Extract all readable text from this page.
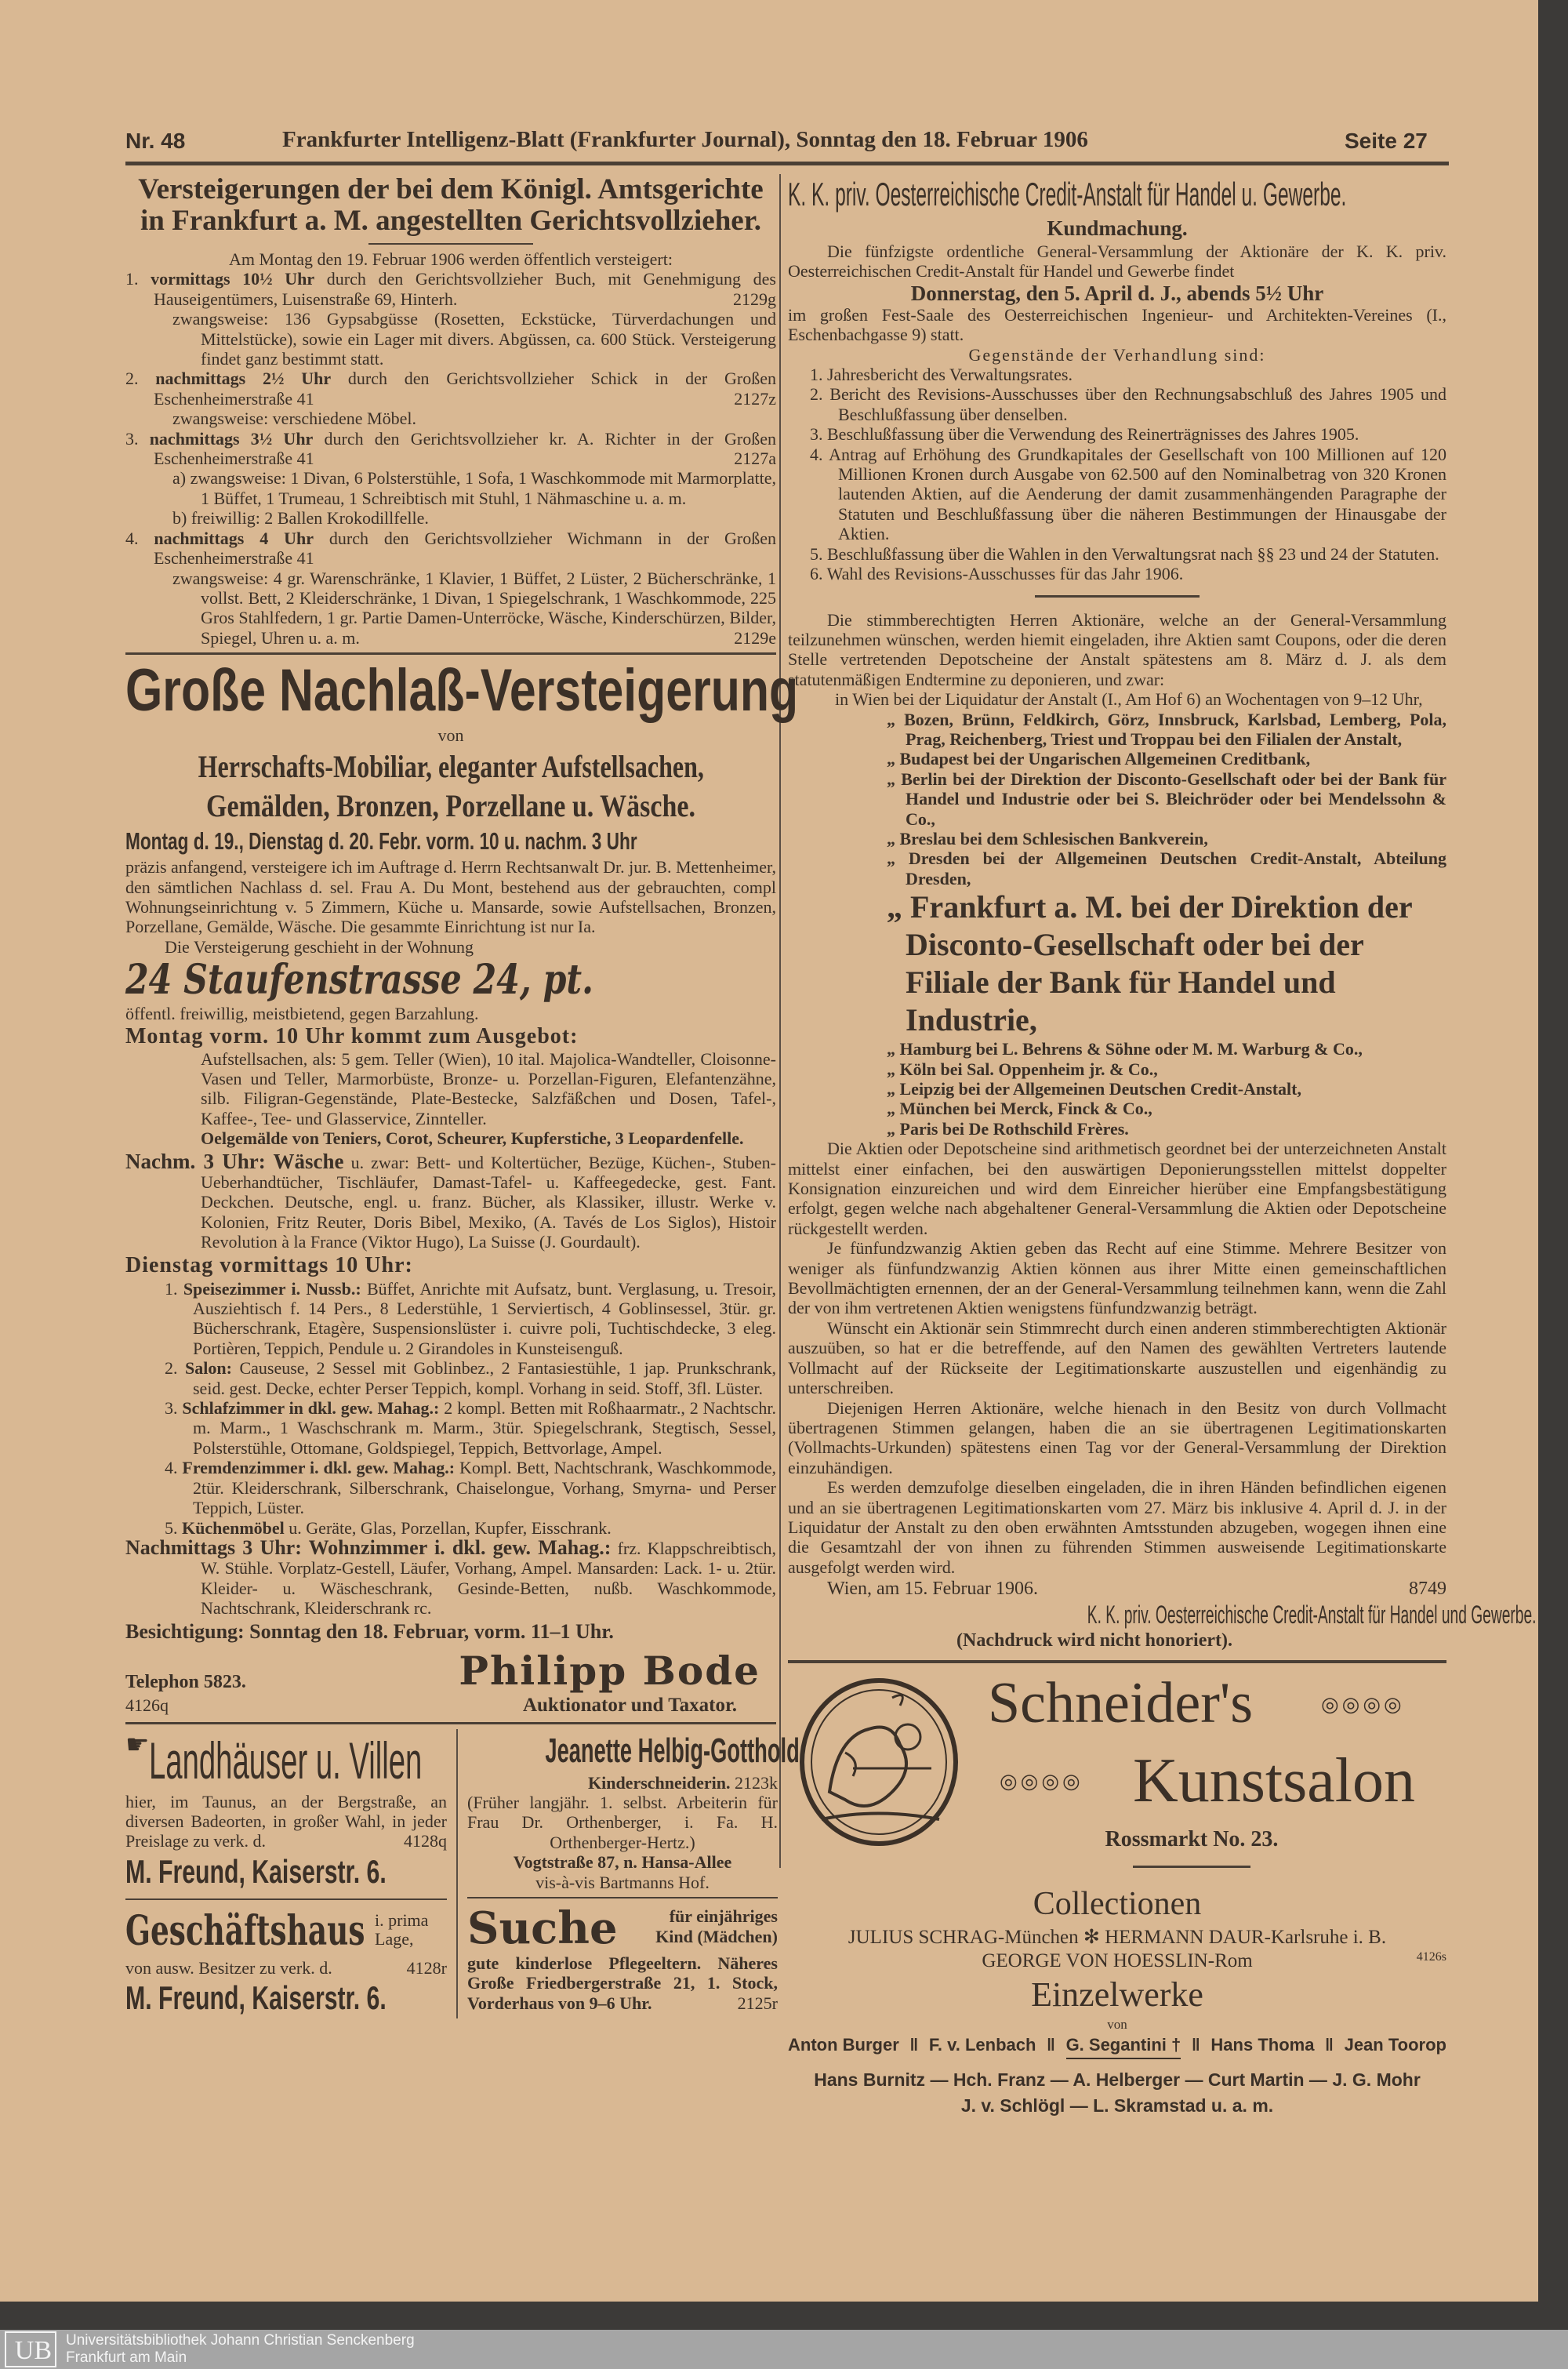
Nr. 48	Frankfurter Intelligenz-Blatt (Frankfurter Journal), Sonntag den 18. Februar 1906	Seite 27
Versteigerungen der bei dem Königl. Amtsgerichte
in Frankfurt a. M. angestellten Gerichtsvollzieher.
Am Montag den 19. Februar 1906 werden öffentlich versteigert:
1. vormittags 10½ Uhr durch den Gerichtsvollzieher Buch, mit Genehmigung des Hauseigentümers, Luisenstraße 69, Hinterh.	2129g
zwangsweise: 136 Gypsabgüsse (Rosetten, Eckstücke, Türverdachungen und Mittelstücke), sowie ein Lager mit divers. Abgüssen, ca. 600 Stück. Versteigerung findet ganz bestimmt statt.
2. nachmittags 2½ Uhr durch den Gerichtsvollzieher Schick in der Großen Eschenheimerstraße 41	2127z
zwangsweise: verschiedene Möbel.
3. nachmittags 3½ Uhr durch den Gerichtsvollzieher kr. A. Richter in der Großen Eschenheimerstraße 41	2127a
a) zwangsweise: 1 Divan, 6 Polsterstühle, 1 Sofa, 1 Waschkommode mit Marmorplatte, 1 Büffet, 1 Trumeau, 1 Schreibtisch mit Stuhl, 1 Nähmaschine u. a. m.
b) freiwillig: 2 Ballen Krokodillfelle.
4. nachmittags 4 Uhr durch den Gerichtsvollzieher Wichmann in der Großen Eschenheimerstraße 41
zwangsweise: 4 gr. Warenschränke, 1 Klavier, 1 Büffet, 2 Lüster, 2 Bücherschränke, 1 vollst. Bett, 2 Kleiderschränke, 1 Divan, 1 Spiegelschrank, 1 Waschkommode, 225 Gros Stahlfedern, 1 gr. Partie Damen-Unterröcke, Wäsche, Kinderschürzen, Bilder, Spiegel, Uhren u. a. m.	2129e
Große Nachlaß-Versteigerung
von
Herrschafts-Mobiliar, eleganter Aufstellsachen,
Gemälden, Bronzen, Porzellane u. Wäsche.
Montag d. 19., Dienstag d. 20. Febr. vorm. 10 u. nachm. 3 Uhr
präzis anfangend, versteigere ich im Auftrage d. Herrn Rechtsanwalt Dr. jur. B. Mettenheimer, den sämtlichen Nachlass d. sel. Frau A. Du Mont, bestehend aus der gebrauchten, compl Wohnungseinrichtung v. 5 Zimmern, Küche u. Mansarde, sowie Aufstellsachen, Bronzen, Porzellane, Gemälde, Wäsche. Die gesammte Einrichtung ist nur Ia.
Die Versteigerung geschieht in der Wohnung
24 Staufenstrasse 24, pt.
öffentl. freiwillig, meistbietend, gegen Barzahlung.
Montag vorm. 10 Uhr kommt zum Ausgebot:
Aufstellsachen, als: 5 gem. Teller (Wien), 10 ital. Majolica-Wandteller, Cloisonne-Vasen und Teller, Marmorbüste, Bronze- u. Porzellan-Figuren, Elefantenzähne, silb. Filigran-Gegenstände, Plate-Bestecke, Salzfäßchen und Dosen, Tafel-, Kaffee-, Tee- und Glasservice, Zinnteller.
Oelgemälde von Teniers, Corot, Scheurer, Kupferstiche, 3 Leopardenfelle.
Nachm. 3 Uhr: Wäsche u. zwar: Bett- und Koltertücher, Bezüge, Küchen-, Stuben-Ueberhandtücher, Tischläufer, Damast-Tafel- u. Kaffeegedecke, gest. Fant. Deckchen. Deutsche, engl. u. franz. Bücher, als Klassiker, illustr. Werke v. Kolonien, Fritz Reuter, Doris Bibel, Mexiko, (A. Tavés de Los Siglos), Histoir Revolution à la France (Viktor Hugo), La Suisse (J. Gourdault).
Dienstag vormittags 10 Uhr:
1. Speisezimmer i. Nussb.: Büffet, Anrichte mit Aufsatz, bunt. Verglasung, u. Tresoir, Ausziehtisch f. 14 Pers., 8 Lederstühle, 1 Serviertisch, 4 Goblinsessel, 3tür. gr. Bücherschrank, Etagère, Suspensionslüster i. cuivre poli, Tuchtischdecke, 3 eleg. Portièren, Teppich, Pendule u. 2 Girandoles in Kunsteisenguß.
2. Salon: Causeuse, 2 Sessel mit Goblinbez., 2 Fantasiestühle, 1 jap. Prunkschrank, seid. gest. Decke, echter Perser Teppich, kompl. Vorhang in seid. Stoff, 3fl. Lüster.
3. Schlafzimmer in dkl. gew. Mahag.: 2 kompl. Betten mit Roßhaarmatr., 2 Nachtschr. m. Marm., 1 Waschschrank m. Marm., 3tür. Spiegelschrank, Stegtisch, Sessel, Polsterstühle, Ottomane, Goldspiegel, Teppich, Bettvorlage, Ampel.
4. Fremdenzimmer i. dkl. gew. Mahag.: Kompl. Bett, Nachtschrank, Waschkommode, 2tür. Kleiderschrank, Silberschrank, Chaiselongue, Vorhang, Smyrna- und Perser Teppich, Lüster.
5. Küchenmöbel u. Geräte, Glas, Porzellan, Kupfer, Eisschrank.
Nachmittags 3 Uhr: Wohnzimmer i. dkl. gew. Mahag.: frz. Klappschreibtisch, W. Stühle. Vorplatz-Gestell, Läufer, Vorhang, Ampel. Mansarden: Lack. 1- u. 2tür. Kleider- u. Wäscheschrank, Gesinde-Betten, nußb. Waschkommode, Nachtschrank, Kleiderschrank rc.
Besichtigung: Sonntag den 18. Februar, vorm. 11–1 Uhr.
Telephon 5823.	Philipp Bode
4126q	Auktionator und Taxator.
☛Landhäuser u. Villen
hier, im Taunus, an der Bergstraße, an diversen Badeorten, in großer Wahl, in jeder Preislage zu verk. d.	4128q
M. Freund, Kaiserstr. 6.
Geschäftshaus i. prima Lage,
von ausw. Besitzer zu verk. d.	4128r
M. Freund, Kaiserstr. 6.
Jeanette Helbig-Gotthold
Kinderschneiderin. 2123k
(Früher langjähr. 1. selbst. Arbeiterin für Frau Dr. Orthenberger, i. Fa. H. Orthenberger-Hertz.)
Vogtstraße 87, n. Hansa-Allee
vis-à-vis Bartmanns Hof.
Suche	für einjähriges Kind (Mädchen)
gute kinderlose Pflegeeltern. Näheres Große Friedbergerstraße 21, 1. Stock, Vorderhaus von 9–6 Uhr.	2125r
K. K. priv. Oesterreichische Credit-Anstalt für Handel u. Gewerbe.
Kundmachung.
Die fünfzigste ordentliche General-Versammlung der Aktionäre der K. K. priv. Oesterreichischen Credit-Anstalt für Handel und Gewerbe findet
Donnerstag, den 5. April d. J., abends 5½ Uhr
im großen Fest-Saale des Oesterreichischen Ingenieur- und Architekten-Vereines (I., Eschenbachgasse 9) statt.
Gegenstände der Verhandlung sind:
1. Jahresbericht des Verwaltungsrates.
2. Bericht des Revisions-Ausschusses über den Rechnungsabschluß des Jahres 1905 und Beschlußfassung über denselben.
3. Beschlußfassung über die Verwendung des Reinerträgnisses des Jahres 1905.
4. Antrag auf Erhöhung des Grundkapitales der Gesellschaft von 100 Millionen auf 120 Millionen Kronen durch Ausgabe von 62.500 auf den Nominalbetrag von 320 Kronen lautenden Aktien, auf die Aenderung der damit zusammenhängenden Paragraphe der Statuten und Beschlußfassung über die näheren Bestimmungen der Hinausgabe der Aktien.
5. Beschlußfassung über die Wahlen in den Verwaltungsrat nach §§ 23 und 24 der Statuten.
6. Wahl des Revisions-Ausschusses für das Jahr 1906.
Die stimmberechtigten Herren Aktionäre, welche an der General-Versammlung teilzunehmen wünschen, werden hiemit eingeladen, ihre Aktien samt Coupons, oder die deren Stelle vertretenden Depotscheine der Anstalt spätestens am 8. März d. J. als dem statutenmäßigen Endtermine zu deponieren, und zwar:
in Wien bei der Liquidatur der Anstalt (I., Am Hof 6) an Wochentagen von 9–12 Uhr,
„ Bozen, Brünn, Feldkirch, Görz, Innsbruck, Karlsbad, Lemberg, Pola, Prag, Reichenberg, Triest und Troppau bei den Filialen der Anstalt,
„ Budapest bei der Ungarischen Allgemeinen Creditbank,
„ Berlin bei der Direktion der Disconto-Gesellschaft oder bei der Bank für Handel und Industrie oder bei S. Bleichröder oder bei Mendelssohn & Co.,
„ Breslau bei dem Schlesischen Bankverein,
„ Dresden bei der Allgemeinen Deutschen Credit-Anstalt, Abteilung Dresden,
„ Frankfurt a. M. bei der Direktion der Disconto-Gesellschaft oder bei der Filiale der Bank für Handel und Industrie,
„ Hamburg bei L. Behrens & Söhne oder M. M. Warburg & Co.,
„ Köln bei Sal. Oppenheim jr. & Co.,
„ Leipzig bei der Allgemeinen Deutschen Credit-Anstalt,
„ München bei Merck, Finck & Co.,
„ Paris bei De Rothschild Frères.
Die Aktien oder Depotscheine sind arithmetisch geordnet bei der unterzeichneten Anstalt mittelst einer einfachen, bei den auswärtigen Deponierungsstellen mittelst doppelter Konsignation einzureichen und wird dem Einreicher hierüber eine Empfangsbestätigung erfolgt, gegen welche nach abgehaltener General-Versammlung die Aktien oder Depotscheine rückgestellt werden.
Je fünfundzwanzig Aktien geben das Recht auf eine Stimme. Mehrere Besitzer von weniger als fünfundzwanzig Aktien können aus ihrer Mitte einen gemeinschaftlichen Bevollmächtigten ernennen, der an der General-Versammlung teilnehmen kann, wenn die Zahl der von ihm vertretenen Aktien wenigstens fünfundzwanzig beträgt.
Wünscht ein Aktionär sein Stimmrecht durch einen anderen stimmberechtigten Aktionär auszuüben, so hat er die betreffende, auf den Namen des gewählten Vertreters lautende Vollmacht auf der Rückseite der Legitimationskarte auszustellen und eigenhändig zu unterschreiben.
Diejenigen Herren Aktionäre, welche hienach in den Besitz von durch Vollmacht übertragenen Stimmen gelangen, haben die an sie übertragenen Legitimationskarten (Vollmachts-Urkunden) spätestens einen Tag vor der General-Versammlung der Direktion einzuhändigen.
Es werden demzufolge dieselben eingeladen, die in ihren Händen befindlichen eigenen und an sie übertragenen Legitimationskarten vom 27. März bis inklusive 4. April d. J. in der Liquidatur der Anstalt zu den oben erwähnten Amtsstunden abzugeben, wogegen ihnen eine die Gesamtzahl der von ihnen zu führenden Stimmen ausweisende Legitimationskarte ausgefolgt werden wird.
Wien, am 15. Februar 1906.	8749
K. K. priv. Oesterreichische Credit-Anstalt für Handel und Gewerbe.
(Nachdruck wird nicht honoriert).
Schneider's	◎◎◎◎
◎◎◎◎ Kunstsalon
Rossmarkt No. 23.
Collectionen
JULIUS SCHRAG-München ✻ HERMANN DAUR-Karlsruhe i. B.
GEORGE VON HOESSLIN-Rom	4126s
Einzelwerke
von
Anton Burger ‖ F. v. Lenbach ‖ G. Segantini † ‖ Hans Thoma ‖ Jean Toorop
Hans Burnitz — Hch. Franz — A. Helberger — Curt Martin — J. G. Mohr
J. v. Schlögl — L. Skramstad u. a. m.
UB Universitätsbibliothek Johann Christian Senckenberg
Frankfurt am Main
